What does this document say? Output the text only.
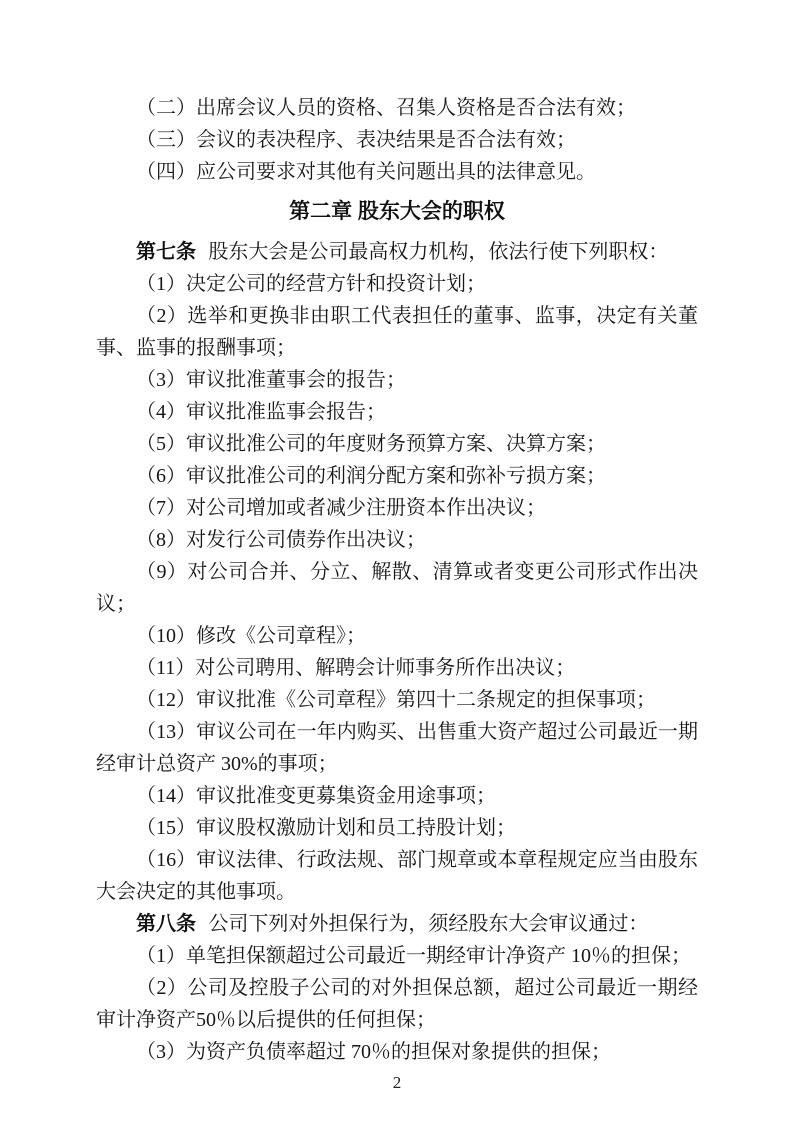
（二）出席会议人员的资格、召集人资格是否合法有效；

（三）会议的表决程序、表决结果是否合法有效；

（四）应公司要求对其他有关问题出具的法律意见。

第二章 股东大会的职权

第七条 股东大会是公司最高权力机构，依法行使下列职权：

（1）决定公司的经营方针和投资计划；

（2）选举和更换非由职工代表担任的董事、监事，决定有关董事、监事的报酬事项；

（3）审议批准董事会的报告；

（4）审议批准监事会报告；

（5）审议批准公司的年度财务预算方案、决算方案；

（6）审议批准公司的利润分配方案和弥补亏损方案；

（7）对公司增加或者减少注册资本作出决议；

（8）对发行公司债券作出决议；

（9）对公司合并、分立、解散、清算或者变更公司形式作出决议；

（10）修改《公司章程》；

（11）对公司聘用、解聘会计师事务所作出决议；

（12）审议批准《公司章程》第四十二条规定的担保事项；

（13）审议公司在一年内购买、出售重大资产超过公司最近一期经审计总资产 30%的事项；

（14）审议批准变更募集资金用途事项；

（15）审议股权激励计划和员工持股计划；

（16）审议法律、行政法规、部门规章或本章程规定应当由股东大会决定的其他事项。

第八条 公司下列对外担保行为，须经股东大会审议通过：

（1）单笔担保额超过公司最近一期经审计净资产 10％的担保；

（2）公司及控股子公司的对外担保总额，超过公司最近一期经审计净资产50％以后提供的任何担保；

（3）为资产负债率超过 70％的担保对象提供的担保；

2
